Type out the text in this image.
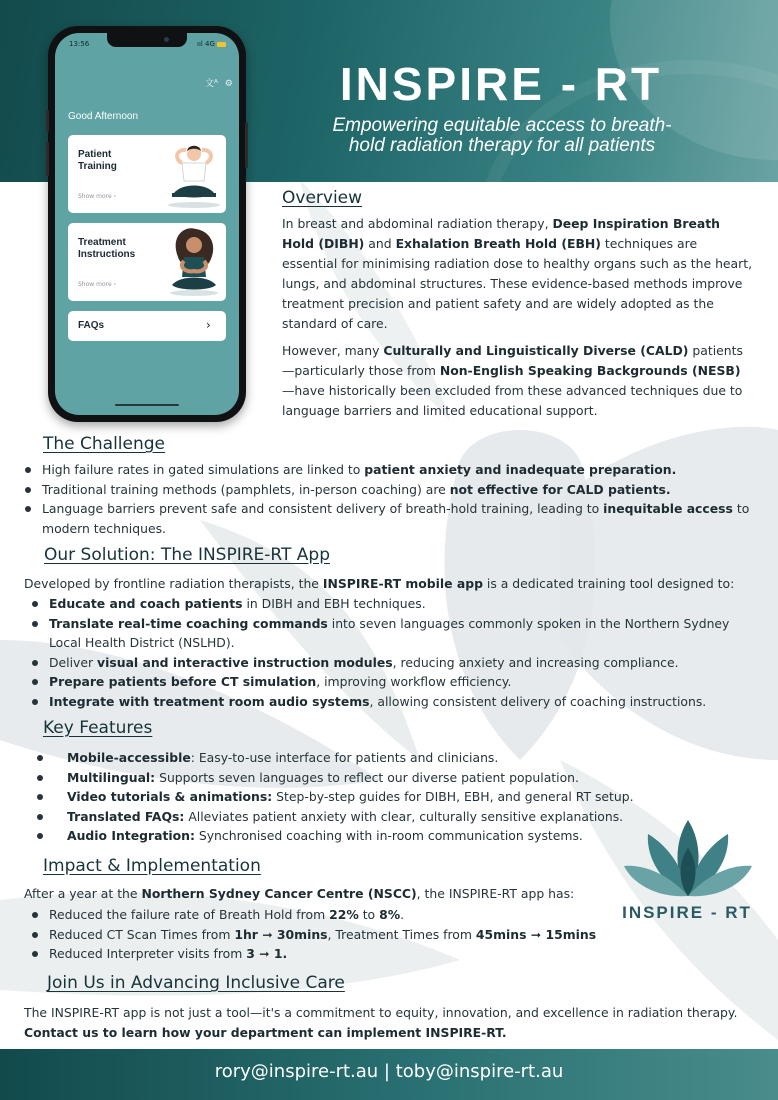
INSPIRE - RT
Empowering equitable access to breath-
hold radiation therapy for all patients
13:56	ııl 4G
文ᴬ ⚙
Good Afternoon
Patient
Training
Show more ›
Treatment
Instructions
Show more ›
FAQs	›
Overview
In breast and abdominal radiation therapy, Deep Inspiration Breath Hold (DIBH) and Exhalation Breath Hold (EBH) techniques are essential for minimising radiation dose to healthy organs such as the heart, lungs, and abdominal structures. These evidence-based methods improve treatment precision and patient safety and are widely adopted as the standard of care.
However, many Culturally and Linguistically Diverse (CALD) patients—particularly those from Non-English Speaking Backgrounds (NESB)—have historically been excluded from these advanced techniques due to language barriers and limited educational support.
The Challenge
High failure rates in gated simulations are linked to patient anxiety and inadequate preparation.
Traditional training methods (pamphlets, in-person coaching) are not effective for CALD patients.
Language barriers prevent safe and consistent delivery of breath-hold training, leading to inequitable access to modern techniques.
Our Solution: The INSPIRE-RT App
Developed by frontline radiation therapists, the INSPIRE-RT mobile app is a dedicated training tool designed to:
Educate and coach patients in DIBH and EBH techniques.
Translate real-time coaching commands into seven languages commonly spoken in the Northern Sydney Local Health District (NSLHD).
Deliver visual and interactive instruction modules, reducing anxiety and increasing compliance.
Prepare patients before CT simulation, improving workflow efficiency.
Integrate with treatment room audio systems, allowing consistent delivery of coaching instructions.
Key Features
Mobile-accessible: Easy-to-use interface for patients and clinicians.
Multilingual: Supports seven languages to reflect our diverse patient population.
Video tutorials & animations: Step-by-step guides for DIBH, EBH, and general RT setup.
Translated FAQs: Alleviates patient anxiety with clear, culturally sensitive explanations.
Audio Integration: Synchronised coaching with in-room communication systems.
Impact & Implementation
After a year at the Northern Sydney Cancer Centre (NSCC), the INSPIRE-RT app has:
Reduced the failure rate of Breath Hold from 22% to 8%.
Reduced CT Scan Times from 1hr ➞ 30mins, Treatment Times from 45mins ➞ 15mins
Reduced Interpreter visits from 3 ➞ 1.
INSPIRE - RT
Join Us in Advancing Inclusive Care
The INSPIRE-RT app is not just a tool—it's a commitment to equity, innovation, and excellence in radiation therapy.
Contact us to learn how your department can implement INSPIRE-RT.
rory@inspire-rt.au | toby@inspire-rt.au
